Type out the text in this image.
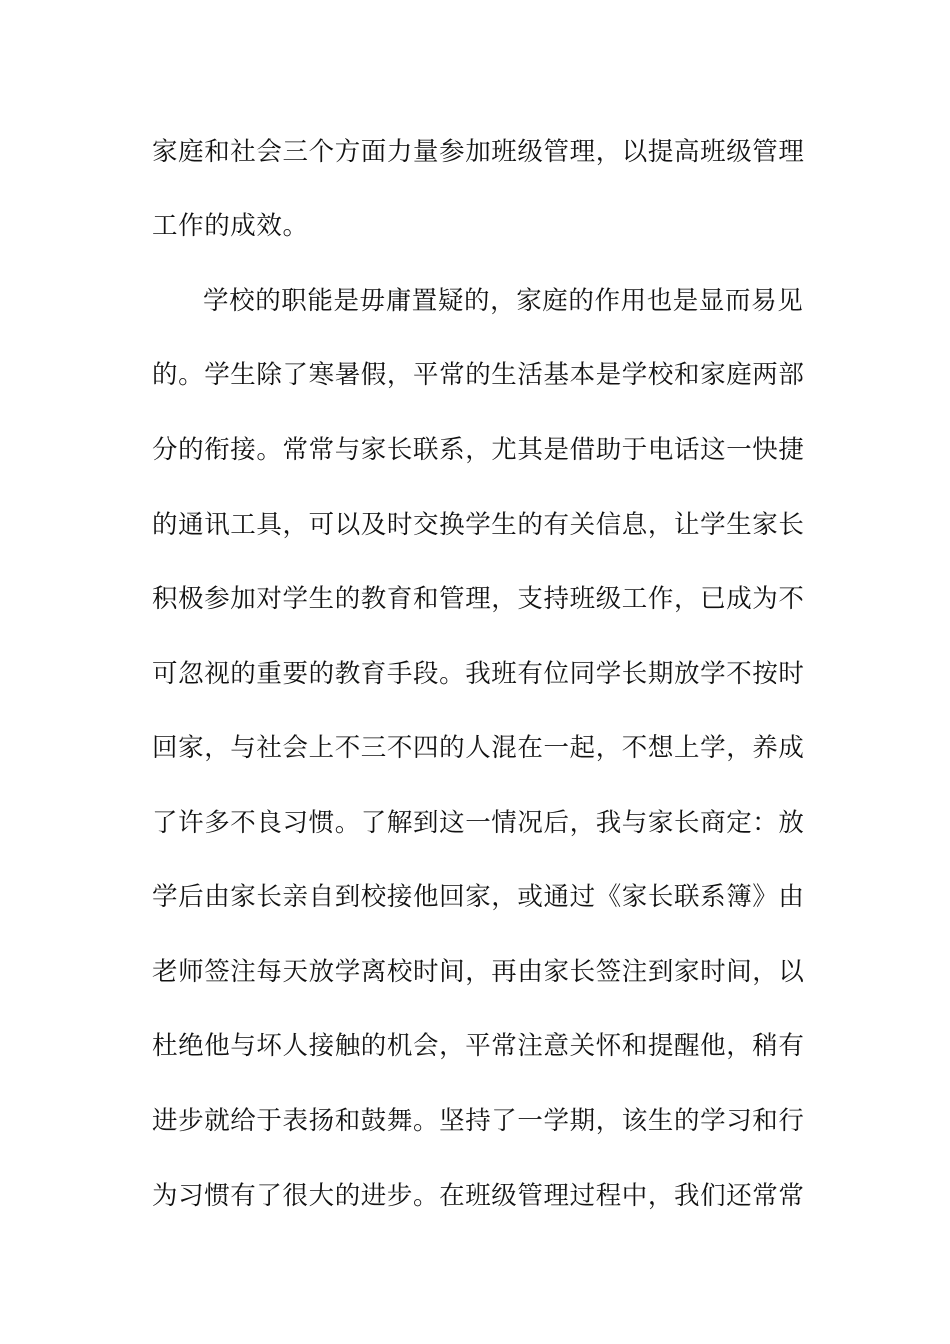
家庭和社会三个方面力量参加班级管理，以提高班级管理
工作的成效。
学校的职能是毋庸置疑的，家庭的作用也是显而易见
的。学生除了寒暑假，平常的生活基本是学校和家庭两部
分的衔接。常常与家长联系，尤其是借助于电话这一快捷
的通讯工具，可以及时交换学生的有关信息，让学生家长
积极参加对学生的教育和管理，支持班级工作，已成为不
可忽视的重要的教育手段。我班有位同学长期放学不按时
回家，与社会上不三不四的人混在一起，不想上学，养成
了许多不良习惯。了解到这一情况后，我与家长商定：放
学后由家长亲自到校接他回家，或通过《家长联系簿》由
老师签注每天放学离校时间，再由家长签注到家时间，以
杜绝他与坏人接触的机会，平常注意关怀和提醒他，稍有
进步就给于表扬和鼓舞。坚持了一学期，该生的学习和行
为习惯有了很大的进步。在班级管理过程中，我们还常常
